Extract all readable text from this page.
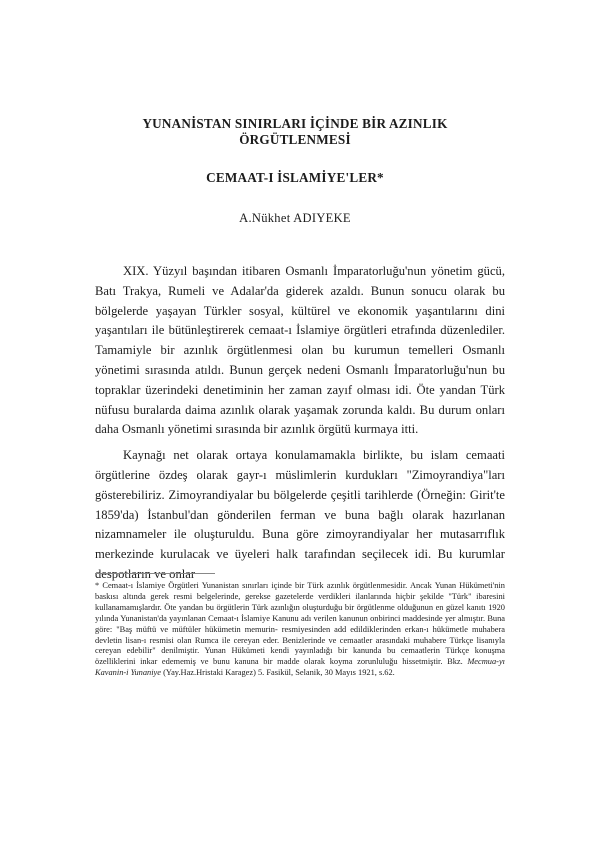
YUNANİSTAN SINIRLARI İÇİNDE BİR AZINLIK ÖRGÜTLENMESİ
CEMAAT-I İSLAMİYE'LER*
A.Nükhet ADIYEKE

XIX. Yüzyıl başından itibaren Osmanlı İmparatorluğu'nun yönetim gücü, Batı Trakya, Rumeli ve Adalar'da giderek azaldı. Bunun sonucu olarak bu bölgelerde yaşayan Türkler sosyal, kültürel ve ekonomik yaşantılarını dini yaşantıları ile bütünleştirerek cemaat-ı İslamiye örgütleri etrafında düzenlediler. Tamamiyle bir azınlık örgütlenmesi olan bu kurumun temelleri Osmanlı yönetimi sırasında atıldı. Bunun gerçek nedeni Osmanlı İmparatorluğu'nun bu topraklar üzerindeki denetiminin her zaman zayıf olması idi. Öte yandan Türk nüfusu buralarda daima azınlık olarak yaşamak zorunda kaldı. Bu durum onları daha Osmanlı yönetimi sırasında bir azınlık örgütü kurmaya itti.

Kaynağı net olarak ortaya konulamamakla birlikte, bu islam cemaati örgütlerine özdeş olarak gayr-ı müslimlerin kurdukları "Zimoyrandiya"ları gösterebiliriz. Zimoyrandiyalar bu bölgelerde çeşitli tarihlerde (Örneğin: Girit'te 1859'da) İstanbul'dan gönderilen ferman ve buna bağlı olarak hazırlanan nizamnameler ile oluşturuldu. Buna göre zimoyrandiyalar her mutasarrıflık merkezinde kurulacak ve üyeleri halk tarafından seçilecek idi. Bu kurumlar despotların ve onlar

* Cemaat-ı İslamiye Örgütleri Yunanistan sınırları içinde bir Türk azınlık örgütlenmesidir. Ancak Yunan Hükümeti'nin baskısı altında gerek resmi belgelerinde, gerekse gazetelerde verdikleri ilanlarında hiçbir şekilde "Türk" ibaresini kullanamamışlardır. Öte yandan bu örgütlerin Türk azınlığın oluşturduğu bir örgütlenme olduğunun en güzel kanıtı 1920 yılında Yunanistan'da yayınlanan Cemaat-ı İslamiye Kanunu adı verilen kanunun onbirinci maddesinde yer almıştır. Buna göre: "Baş müftü ve müftüler hükümetin memurin- resmiyesinden add edildiklerinden erkan-ı hükümetle muhabera devletin lisan-ı resmisi olan Rumca ile cereyan eder. Benizlerinde ve cemaatler arasındaki muhabere Türkçe lisanıyla cereyan edebilir" denilmiştir. Yunan Hükümeti kendi yayınladığı bir kanunda bu cemaatlerin Türkçe konuşma özelliklerini inkar edememiş ve bunu kanuna bir madde olarak koyma zorunluluğu hissetmiştir. Bkz. Mecmua-yı Kavanin-i Yunaniye (Yay.Haz.Hristaki Karagez) 5. Fasikül, Selanik, 30 Mayıs 1921, s.62.
